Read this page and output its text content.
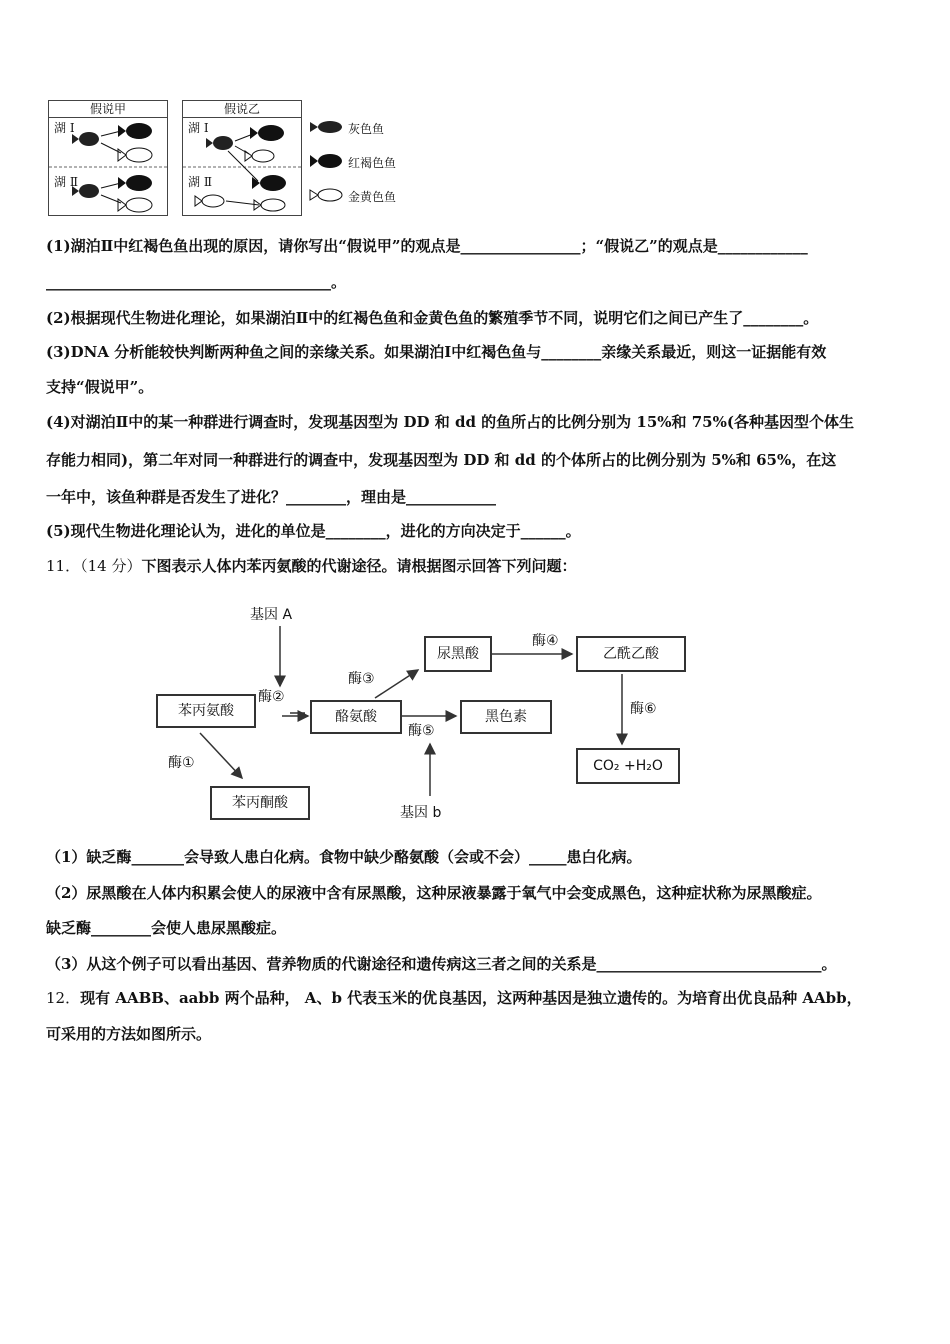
假说甲
湖 Ⅰ
湖 Ⅱ
假说乙
湖 Ⅰ
湖 Ⅱ
灰色鱼
红褐色鱼
金黄色鱼
(1)湖泊Ⅱ中红褐色鱼出现的原因，请你写出“假说甲”的观点是________________；“假说乙”的观点是____________
______________________________________。
(2)根据现代生物进化理论，如果湖泊Ⅱ中的红褐色鱼和金黄色鱼的繁殖季节不同，说明它们之间已产生了________。
(3)DNA 分析能较快判断两种鱼之间的亲缘关系。如果湖泊Ⅰ中红褐色鱼与________亲缘关系最近，则这一证据能有效
支持“假说甲”。
(4)对湖泊Ⅱ中的某一种群进行调查时，发现基因型为 DD 和 dd 的鱼所占的比例分别为 15%和 75%(各种基因型个体生
存能力相同)，第二年对同一种群进行的调查中，发现基因型为 DD 和 dd 的个体所占的比例分别为 5%和 65%，在这
一年中，该鱼种群是否发生了进化？________，理由是____________
(5)现代生物进化理论认为，进化的单位是________，进化的方向决定于______。
11．（14 分）下图表示人体内苯丙氨酸的代谢途径。请根据图示回答下列问题：
基因 A
基因 b
苯丙氨酸	酪氨酸
苯丙酮酸
尿黑酸
黑色素
乙酰乙酸
CO₂ +H₂O
酶②
酶①
酶③
酶⑤
酶④
酶⑥
（1）缺乏酶_______会导致人患白化病。食物中缺少酪氨酸（会或不会）_____患白化病。
（2）尿黑酸在人体内积累会使人的尿液中含有尿黑酸，这种尿液暴露于氧气中会变成黑色，这种症状称为尿黑酸症。
缺乏酶________会使人患尿黑酸症。
（3）从这个例子可以看出基因、营养物质的代谢途径和遗传病这三者之间的关系是______________________________。
12．现有 AABB、aabb 两个品种， A、b 代表玉米的优良基因，这两种基因是独立遗传的。为培育出优良品种 AAbb，
可采用的方法如图所示。
